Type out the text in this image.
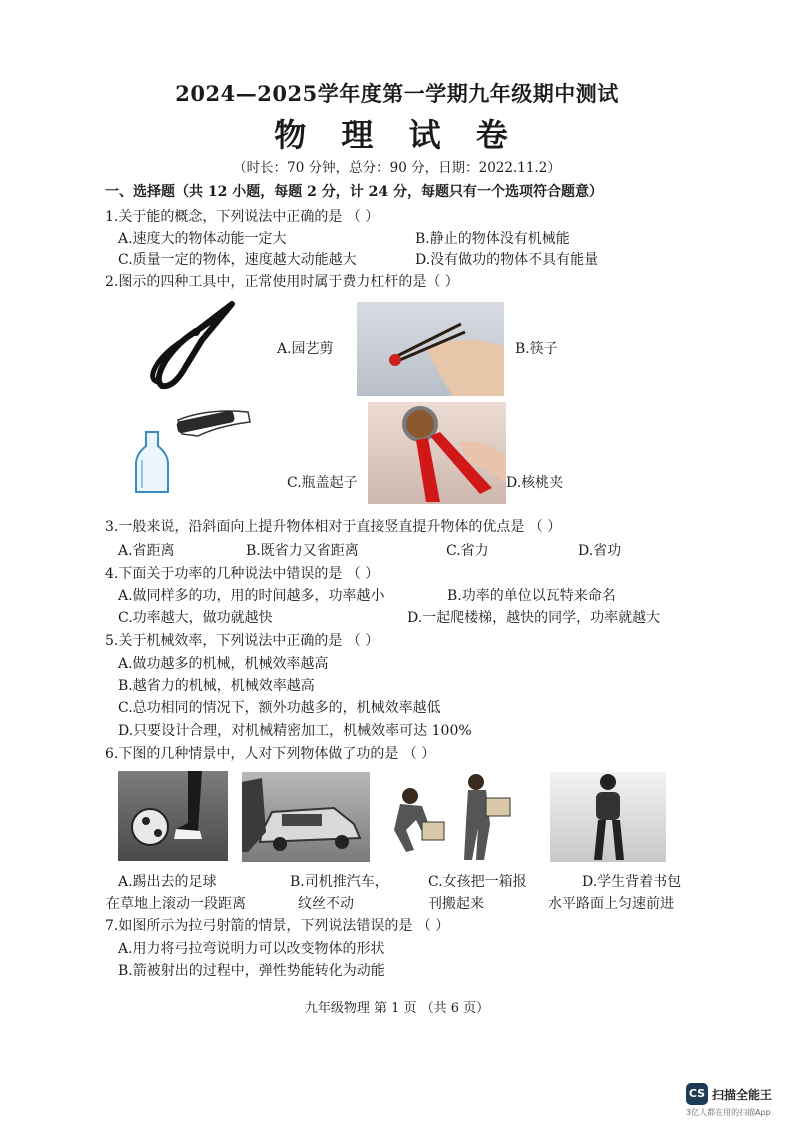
2024—2025学年度第一学期九年级期中测试
物 理 试 卷
（时长：70 分钟，总分：90 分，日期：2022.11.2）
一、选择题（共 12 小题，每题 2 分，计 24 分，每题只有一个选项符合题意）
1.关于能的概念，下列说法中正确的是 （ ）
A.速度大的物体动能一定大	B.静止的物体没有机械能
C.质量一定的物体，速度越大动能越大	D.没有做功的物体不具有能量
2.图示的四种工具中，正常使用时属于费力杠杆的是（ ）
A.园艺剪	B.筷子
C.瓶盖起子	D.核桃夹
3.一般来说，沿斜面向上提升物体相对于直接竖直提升物体的优点是 （ ）
A.省距离	B.既省力又省距离	C.省力	D.省功
4.下面关于功率的几种说法中错误的是 （ ）
A.做同样多的功，用的时间越多，功率越小	B.功率的单位以瓦特来命名
C.功率越大，做功就越快	D.一起爬楼梯，越快的同学，功率就越大
5.关于机械效率，下列说法中正确的是 （ ）
A.做功越多的机械，机械效率越高
B.越省力的机械，机械效率越高
C.总功相同的情况下，额外功越多的，机械效率越低
D.只要设计合理，对机械精密加工，机械效率可达 100%
6.下图的几种情景中，人对下列物体做了功的是 （ ）
A.踢出去的足球
在草地上滚动一段距离
B.司机推汽车，
纹丝不动
C.女孩把一箱报
刊搬起来
D.学生背着书包
水平路面上匀速前进
7.如图所示为拉弓射箭的情景，下列说法错误的是 （ ）
A.用力将弓拉弯说明力可以改变物体的形状
B.箭被射出的过程中，弹性势能转化为动能
九年级物理 第 1 页 （共 6 页）
CS 扫描全能王
3亿人都在用的扫描App
